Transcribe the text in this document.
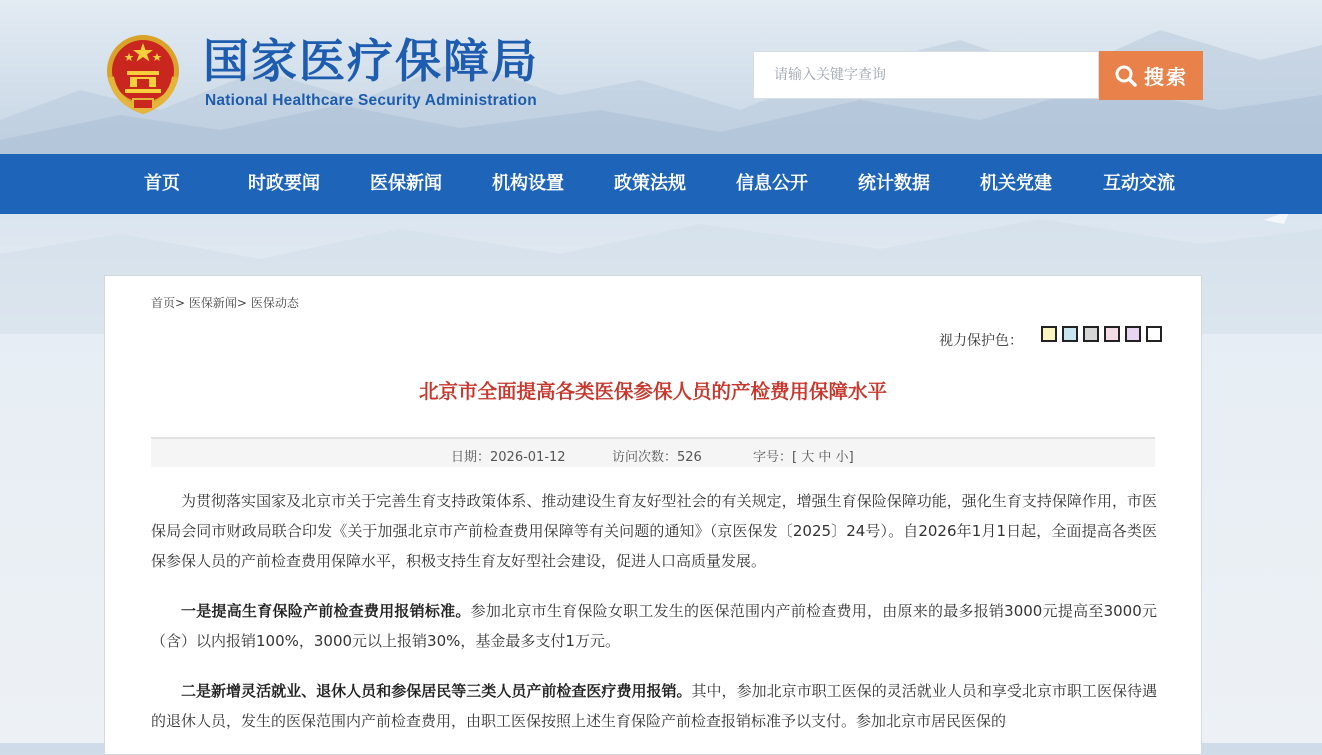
国家医疗保障局
National Healthcare Security Administration
请输入关键字查询
搜索
首页	时政要闻	医保新闻	机构设置	政策法规	信息公开	统计数据	机关党建	互动交流
首页> 医保新闻> 医保动态
视力保护色：
北京市全面提高各类医保参保人员的产检费用保障水平
日期：2026-01-12	访问次数：526	字号：[ 大 中 小]

为贯彻落实国家及北京市关于完善生育支持政策体系、推动建设生育友好型社会的有关规定，增强生育保险保障功能，强化生育支持保障作用，市医保局会同市财政局联合印发《关于加强北京市产前检查费用保障等有关问题的通知》（京医保发〔2025〕24号）。自2026年1月1日起，全面提高各类医保参保人员的产前检查费用保障水平，积极支持生育友好型社会建设，促进人口高质量发展。

一是提高生育保险产前检查费用报销标准。参加北京市生育保险女职工发生的医保范围内产前检查费用，由原来的最多报销3000元提高至3000元（含）以内报销100%，3000元以上报销30%，基金最多支付1万元。

二是新增灵活就业、退休人员和参保居民等三类人员产前检查医疗费用报销。其中，参加北京市职工医保的灵活就业人员和享受北京市职工医保待遇的退休人员，发生的医保范围内产前检查费用，由职工医保按照上述生育保险产前检查报销标准予以支付。参加北京市居民医保的
